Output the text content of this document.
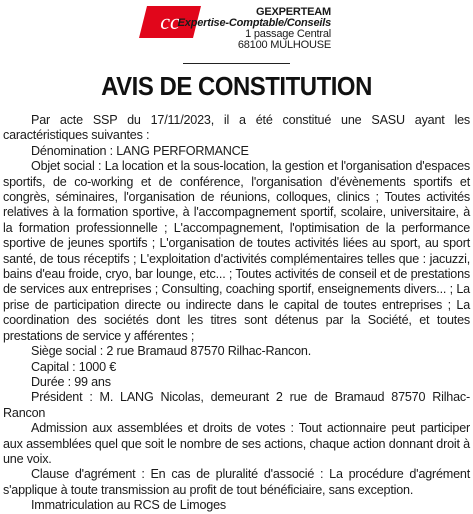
cc	GEXPERTEAM
Expertise-Comptable/Conseils
1 passage Central
68100 MULHOUSE
AVIS DE CONSTITUTION

Par acte SSP du 17/11/2023, il a été constitué une SASU ayant les caractéristiques suivantes :

Dénomination : LANG PERFORMANCE

Objet social : La location et la sous-location, la gestion et l'organisation d'espaces sportifs, de co-working et de conférence, l'organisation d'évènements sportifs et congrès, séminaires, l'organisation de réunions, colloques, clinics ; Toutes activités relatives à la formation sportive, à l'accompagnement sportif, scolaire, universitaire, à la formation professionnelle ; L'accompagnement, l'optimisation de la performance sportive de jeunes sportifs ; L'organisation de toutes activités liées au sport, au sport santé, de tous réceptifs ; L'exploitation d'activités complémentaires telles que : jacuzzi, bains d'eau froide, cryo, bar lounge, etc... ; Toutes activités de conseil et de prestations de services aux entreprises ; Consulting, coaching sportif, enseignements divers... ; La prise de participation directe ou indirecte dans le capital de toutes entreprises ; La coordination des sociétés dont les titres sont détenus par la Société, et toutes prestations de service y afférentes ;

Siège social : 2 rue Bramaud 87570 Rilhac-Rancon.

Capital : 1000 €

Durée : 99 ans

Président : M. LANG Nicolas, demeurant 2 rue de Bramaud 87570 Rilhac-Rancon

Admission aux assemblées et droits de votes : Tout actionnaire peut participer aux assemblées quel que soit le nombre de ses actions, chaque action donnant droit à une voix.

Clause d'agrément : En cas de pluralité d'associé : La procédure d'agrément s'applique à toute transmission au profit de tout bénéficiaire, sans exception.

Immatriculation au RCS de Limoges
